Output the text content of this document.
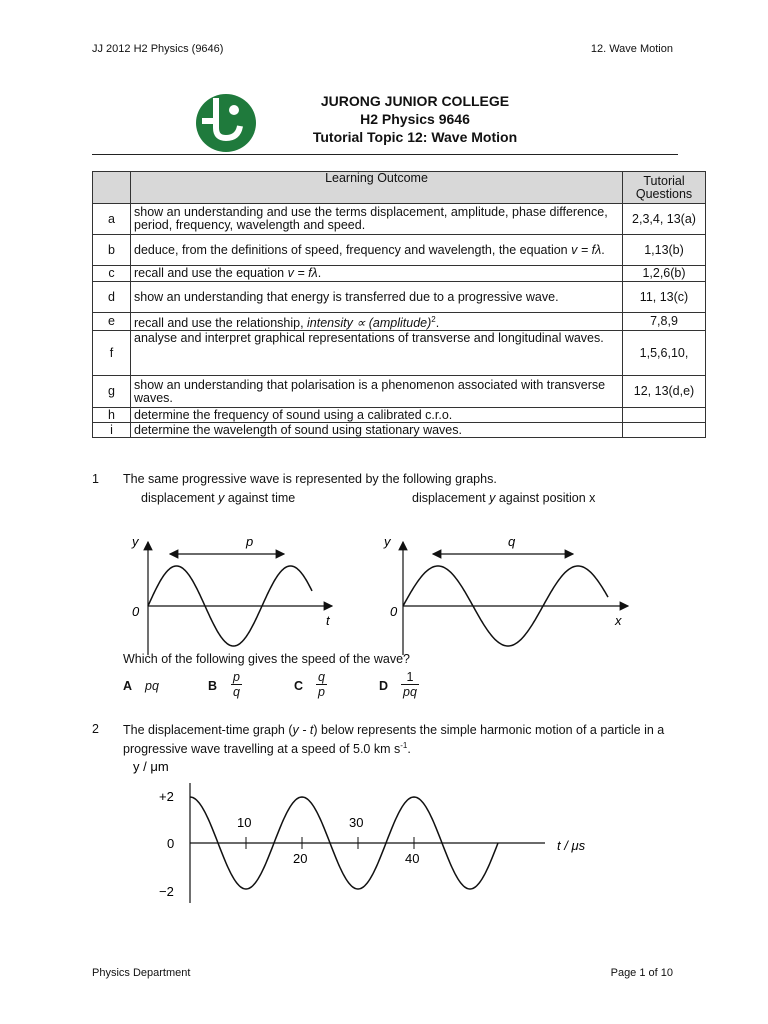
JJ 2012 H2 Physics (9646)	12. Wave Motion
JURONG JUNIOR COLLEGE
H2 Physics 9646
Tutorial Topic 12: Wave Motion
	Learning Outcome	Tutorial Questions
a	show an understanding and use the terms displacement, amplitude, phase difference, period, frequency, wavelength and speed.	2,3,4, 13(a)
b	deduce, from the definitions of speed, frequency and wavelength, the equation v = fλ.	1,13(b)
c	recall and use the equation v = fλ.	1,2,6(b)
d	show an understanding that energy is transferred due to a progressive wave.	11, 13(c)
e	recall and use the relationship, intensity ∝ (amplitude)$^2$.	7,8,9
f	analyse and interpret graphical representations of transverse and longitudinal waves.	1,5,6,10,
g	show an understanding that polarisation is a phenomenon associated with transverse waves.	12, 13(d,e)
h	determine the frequency of sound using a calibrated c.r.o.	
i	determine the wavelength of sound using stationary waves.	
1 The same progressive wave is represented by the following graphs.
displacement y against time	displacement y against position x
y	p
0
t
y	q
0
x
Which of the following gives the speed of the wave?
A pq	B $\frac{p}{q}$	C $\frac{q}{p}$	D $\frac{1}{pq}$
2 The displacement-time graph (y - t) below represents the simple harmonic motion of a particle in a progressive wave travelling at a speed of 5.0 km $s^{-1}$.
y / μm
+2
0
−2
10	30
20	40
t / μs
Physics Department	Page 1 of 10
